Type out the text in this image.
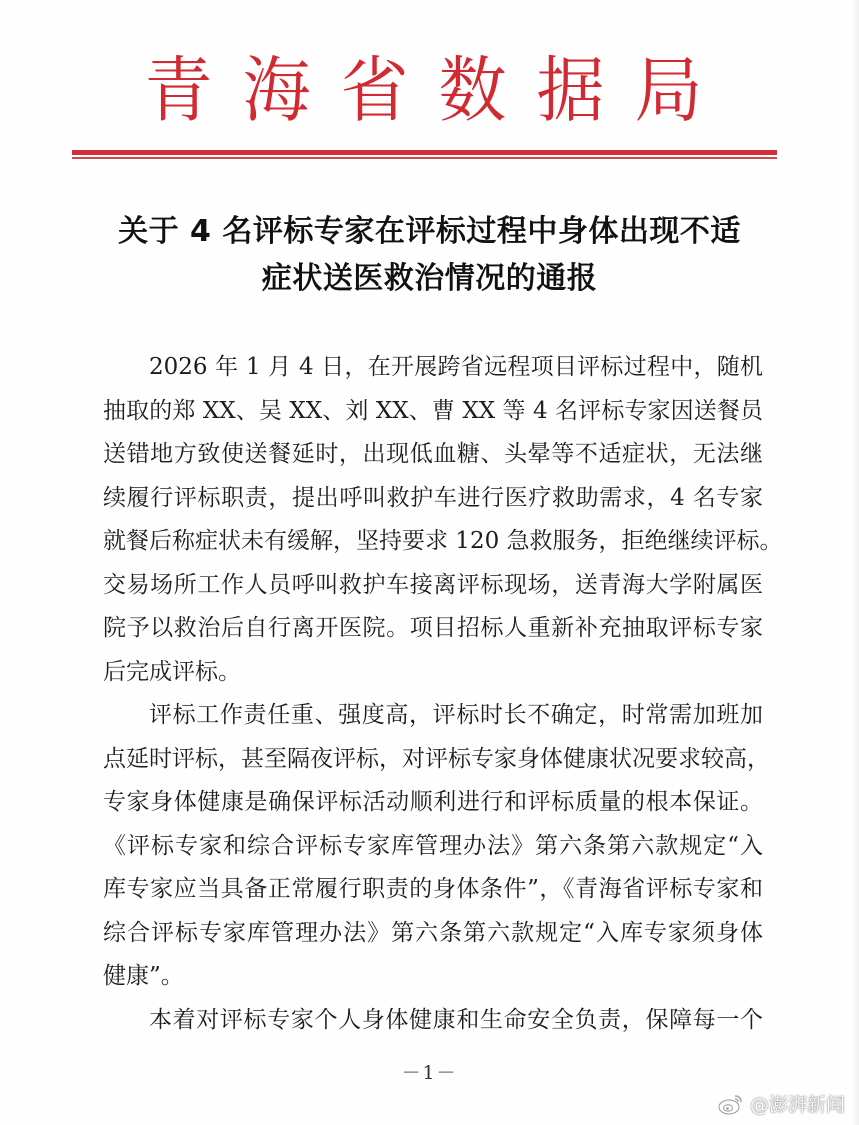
青海省数据局
关于 4 名评标专家在评标过程中身体出现不适
症状送医救治情况的通报
2026 年 1 月 4 日，在开展跨省远程项目评标过程中，随机
抽取的郑 XX、吴 XX、刘 XX、曹 XX 等 4 名评标专家因送餐员
送错地方致使送餐延时，出现低血糖、头晕等不适症状，无法继
续履行评标职责，提出呼叫救护车进行医疗救助需求，4 名专家
就餐后称症状未有缓解，坚持要求 120 急救服务，拒绝继续评标。
交易场所工作人员呼叫救护车接离评标现场，送青海大学附属医
院予以救治后自行离开医院。项目招标人重新补充抽取评标专家
后完成评标。
评标工作责任重、强度高，评标时长不确定，时常需加班加
点延时评标，甚至隔夜评标，对评标专家身体健康状况要求较高，
专家身体健康是确保评标活动顺利进行和评标质量的根本保证。
《评标专家和综合评标专家库管理办法》第六条第六款规定“入
库专家应当具备正常履行职责的身体条件”，《青海省评标专家和
综合评标专家库管理办法》第六条第六款规定“入库专家须身体
健康”。
本着对评标专家个人身体健康和生命安全负责，保障每一个
－1－
@澎湃新闻
